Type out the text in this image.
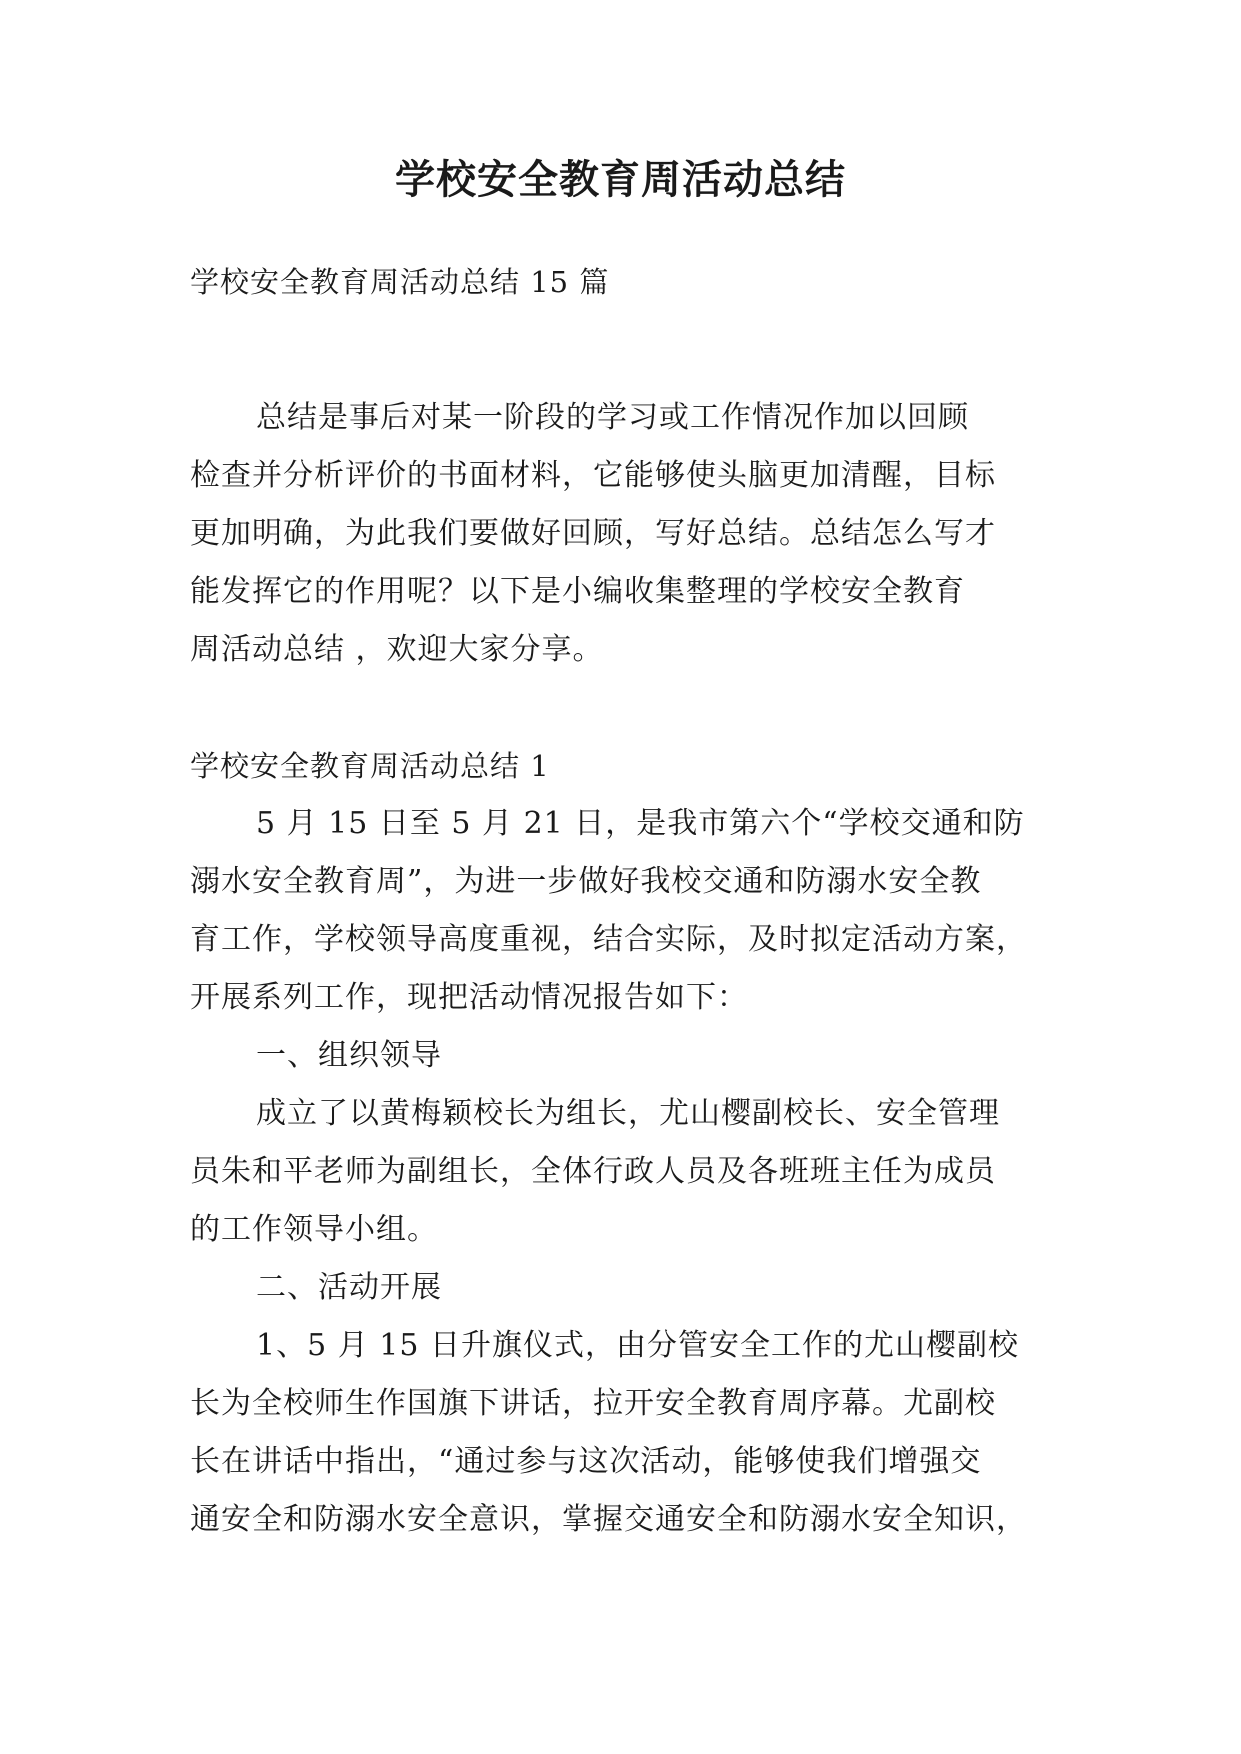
学校安全教育周活动总结

学校安全教育周活动总结 15 篇

总结是事后对某一阶段的学习或工作情况作加以回顾

检查并分析评价的书面材料，它能够使头脑更加清醒，目标

更加明确，为此我们要做好回顾，写好总结。总结怎么写才

能发挥它的作用呢？以下是小编收集整理的学校安全教育

周活动总结 ，欢迎大家分享。

学校安全教育周活动总结 1

5 月 15 日至 5 月 21 日，是我市第六个“学校交通和防

溺水安全教育周”，为进一步做好我校交通和防溺水安全教

育工作，学校领导高度重视，结合实际，及时拟定活动方案，

开展系列工作，现把活动情况报告如下：

一、组织领导

成立了以黄梅颖校长为组长，尤山樱副校长、安全管理

员朱和平老师为副组长，全体行政人员及各班班主任为成员

的工作领导小组。

二、活动开展

1、5 月 15 日升旗仪式，由分管安全工作的尤山樱副校

长为全校师生作国旗下讲话，拉开安全教育周序幕。尤副校

长在讲话中指出，“通过参与这次活动，能够使我们增强交

通安全和防溺水安全意识，掌握交通安全和防溺水安全知识，
